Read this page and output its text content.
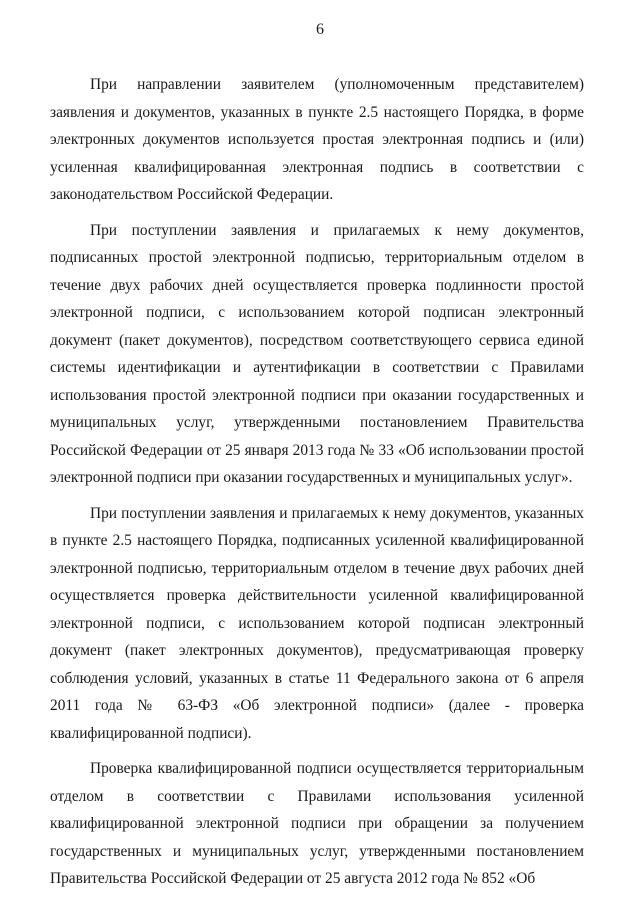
6

При направлении заявителем (уполномоченным представителем) заявления и документов, указанных в пункте 2.5 настоящего Порядка, в форме электронных документов используется простая электронная подпись и (или) усиленная квалифицированная электронная подпись в соответствии с законодательством Российской Федерации.

При поступлении заявления и прилагаемых к нему документов, подписанных простой электронной подписью, территориальным отделом в течение двух рабочих дней осуществляется проверка подлинности простой электронной подписи, с использованием которой подписан электронный документ (пакет документов), посредством соответствующего сервиса единой системы идентификации и аутентификации в соответствии с Правилами использования простой электронной подписи при оказании государственных и муниципальных услуг, утвержденными постановлением Правительства Российской Федерации от 25 января 2013 года № 33 «Об использовании простой электронной подписи при оказании государственных и муниципальных услуг».

При поступлении заявления и прилагаемых к нему документов, указанных в пункте 2.5 настоящего Порядка, подписанных усиленной квалифицированной электронной подписью, территориальным отделом в течение двух рабочих дней осуществляется проверка действительности усиленной квалифицированной электронной подписи, с использованием которой подписан электронный документ (пакет электронных документов), предусматривающая проверку соблюдения условий, указанных в статье 11 Федерального закона от 6 апреля 2011 года № 63-ФЗ «Об электронной подписи» (далее - проверка квалифицированной подписи).

Проверка квалифицированной подписи осуществляется территориальным отделом в соответствии с Правилами использования усиленной квалифицированной электронной подписи при обращении за получением государственных и муниципальных услуг, утвержденными постановлением Правительства Российской Федерации от 25 августа 2012 года № 852 «Об
